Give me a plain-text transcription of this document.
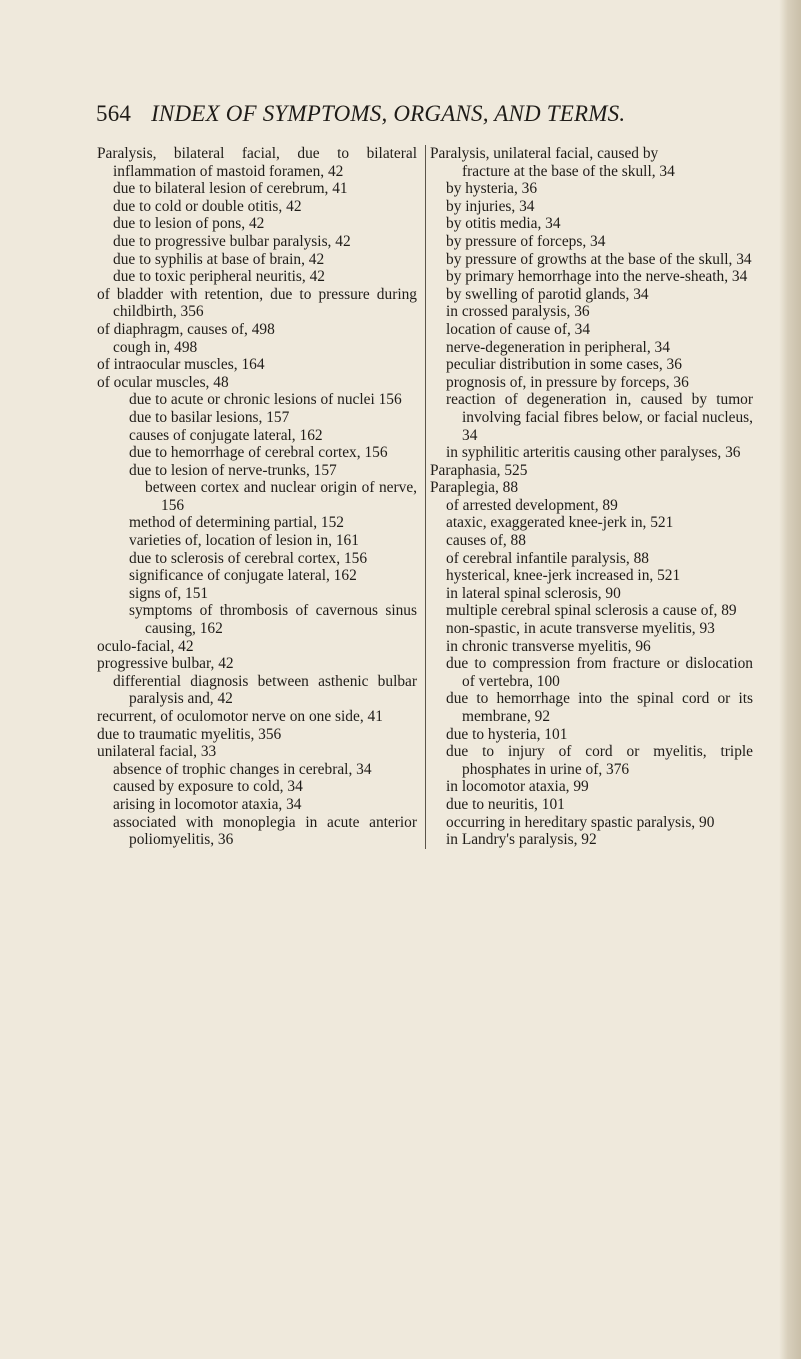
564 INDEX OF SYMPTOMS, ORGANS, AND TERMS.
Paralysis, bilateral facial, due to bilateral inflammation of mastoid foramen, 42
due to bilateral lesion of cerebrum, 41
due to cold or double otitis, 42
due to lesion of pons, 42
due to progressive bulbar paralysis, 42
due to syphilis at base of brain, 42
due to toxic peripheral neuritis, 42
of bladder with retention, due to pressure during childbirth, 356
of diaphragm, causes of, 498
cough in, 498
of intraocular muscles, 164
of ocular muscles, 48
due to acute or chronic lesions of nuclei 156
due to basilar lesions, 157
causes of conjugate lateral, 162
due to hemorrhage of cerebral cortex, 156
due to lesion of nerve-trunks, 157
between cortex and nuclear origin of nerve, 156
method of determining partial, 152
varieties of, location of lesion in, 161
due to sclerosis of cerebral cortex, 156
significance of conjugate lateral, 162
signs of, 151
symptoms of thrombosis of cavernous sinus causing, 162
oculo-facial, 42
progressive bulbar, 42
differential diagnosis between asthenic bulbar paralysis and, 42
recurrent, of oculomotor nerve on one side, 41
due to traumatic myelitis, 356
unilateral facial, 33
absence of trophic changes in cerebral, 34
caused by exposure to cold, 34
arising in locomotor ataxia, 34
associated with monoplegia in acute anterior poliomyelitis, 36
Paralysis, unilateral facial, caused by
fracture at the base of the skull, 34
by hysteria, 36
by injuries, 34
by otitis media, 34
by pressure of forceps, 34
by pressure of growths at the base of the skull, 34
by primary hemorrhage into the nerve-sheath, 34
by swelling of parotid glands, 34
in crossed paralysis, 36
location of cause of, 34
nerve-degeneration in peripheral, 34
peculiar distribution in some cases, 36
prognosis of, in pressure by forceps, 36
reaction of degeneration in, caused by tumor involving facial fibres below, or facial nucleus, 34
in syphilitic arteritis causing other paralyses, 36
Paraphasia, 525
Paraplegia, 88
of arrested development, 89
ataxic, exaggerated knee-jerk in, 521
causes of, 88
of cerebral infantile paralysis, 88
hysterical, knee-jerk increased in, 521
in lateral spinal sclerosis, 90
multiple cerebral spinal sclerosis a cause of, 89
non-spastic, in acute transverse myelitis, 93
in chronic transverse myelitis, 96
due to compression from fracture or dislocation of vertebra, 100
due to hemorrhage into the spinal cord or its membrane, 92
due to hysteria, 101
due to injury of cord or myelitis, triple phosphates in urine of, 376
in locomotor ataxia, 99
due to neuritis, 101
occurring in hereditary spastic paralysis, 90
in Landry's paralysis, 92
